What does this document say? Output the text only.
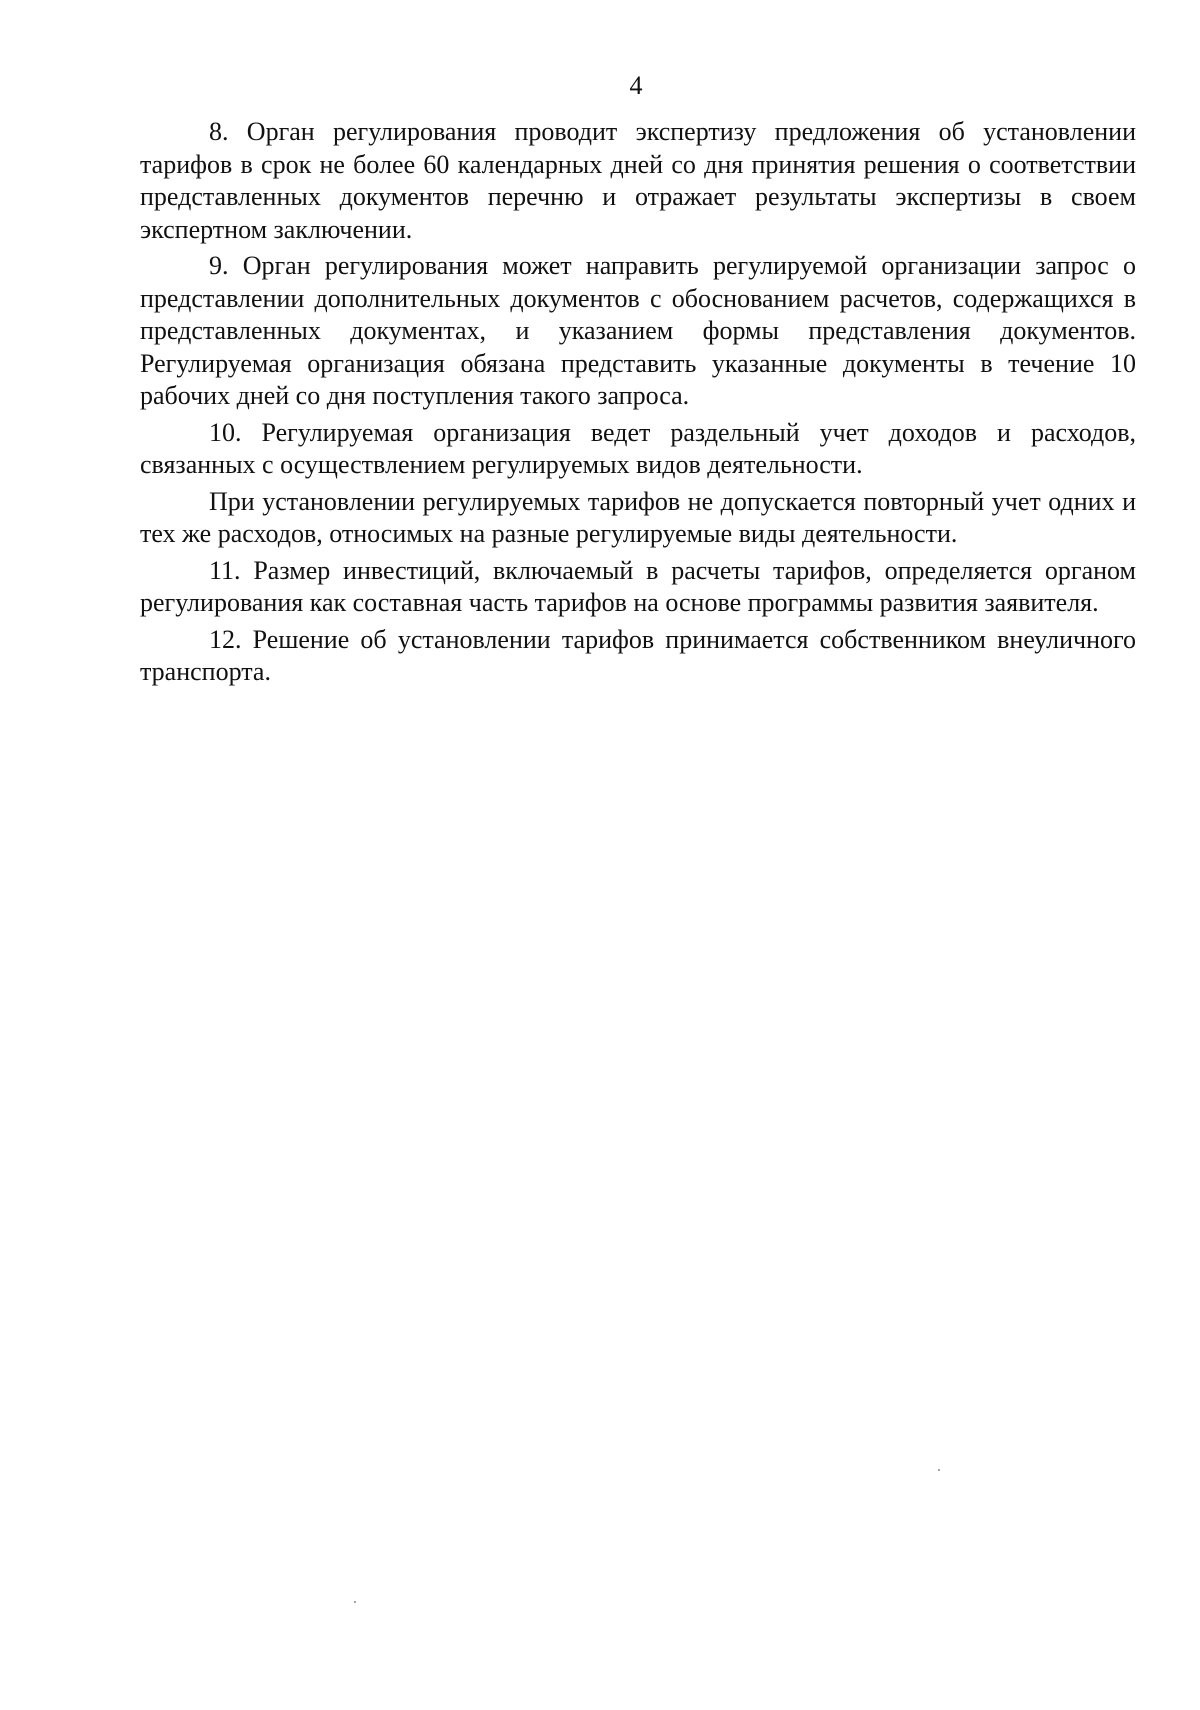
4

8. Орган регулирования проводит экспертизу предложения об установлении тарифов в срок не более 60 календарных дней со дня принятия решения о соответствии представленных документов перечню и отражает результаты экспертизы в своем экспертном заключении.

9. Орган регулирования может направить регулируемой организации запрос о представлении дополнительных документов с обоснованием расчетов, содержащихся в представленных документах, и указанием формы представления документов. Регулируемая организация обязана представить указанные документы в течение 10 рабочих дней со дня поступления такого запроса.

10. Регулируемая организация ведет раздельный учет доходов и расходов, связанных с осуществлением регулируемых видов деятельности.

При установлении регулируемых тарифов не допускается повторный учет одних и тех же расходов, относимых на разные регулируемые виды деятельности.

11. Размер инвестиций, включаемый в расчеты тарифов, определяется органом регулирования как составная часть тарифов на основе программы развития заявителя.

12. Решение об установлении тарифов принимается собственником внеуличного транспорта.
